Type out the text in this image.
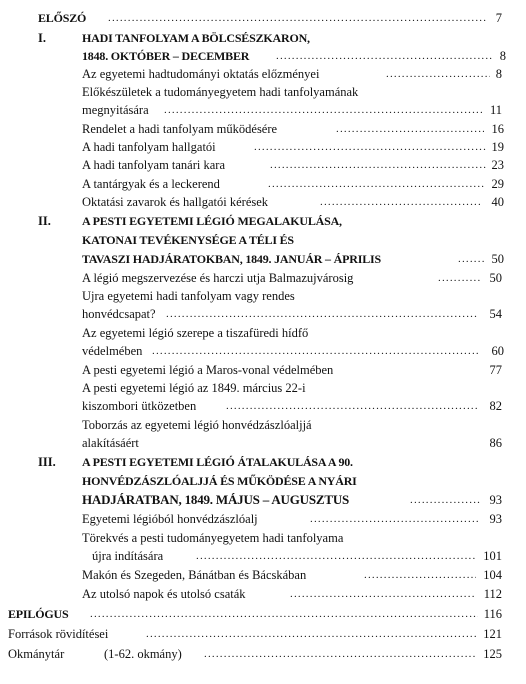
ELŐSZÓ .....	7
I.	HADI TANFOLYAM A BÖLCSÉSZKARON,
1848. OKTÓBER – DECEMBER .....	8
Az egyetemi hadtudományi oktatás előzményei .....	8
Előkészületek a tudományegyetem hadi tanfolyamának
megnyitására .....	11
Rendelet a hadi tanfolyam működésére .....	16
A hadi tanfolyam hallgatói .....	19
A hadi tanfolyam tanári kara .....	23
A tantárgyak és a leckerend .....	29
Oktatási zavarok és hallgatói kérések .....	40
II.	A PESTI EGYETEMI LÉGIÓ MEGALAKULÁSA,
KATONAI TEVÉKENYSÉGE A TÉLI ÉS
TAVASZI HADJÁRATOKBAN, 1849. JANUÁR – ÁPRILIS .....	50
A légió megszervezése és harczi utja Balmazujvárosig .....	50
Ujra egyetemi hadi tanfolyam vagy rendes
honvédcsapat? .....	54
Az egyetemi légió szerepe a tiszafüredi hídfő
védelmében .....	60
A pesti egyetemi légió a Maros-vonal védelmében	77
A pesti egyetemi légió az 1849. március 22-i
kiszombori ütközetben .....	82
Toborzás az egyetemi légió honvédzászlóaljjá
alakításáért	86
III. A PESTI EGYETEMI LÉGIÓ ÁTALAKULÁSA A 90.
HONVÉDZÁSZLÓALJJÁ ÉS MŰKÖDÉSE A NYÁRI
HADJÁRATBAN, 1849. MÁJUS – AUGUSZTUS .....	93
Egyetemi légióból honvédzászlóalj .....	93
Törekvés a pesti tudományegyetem hadi tanfolyama
újra indítására .....	101
Makón és Szegeden, Bánátban és Bácskában .....	104
Az utolsó napok és utolsó csaták .....	112
EPILÓGUS .....	116
Források rövidítései .....	121
Okmánytár	(1-62. okmány) .....	125
